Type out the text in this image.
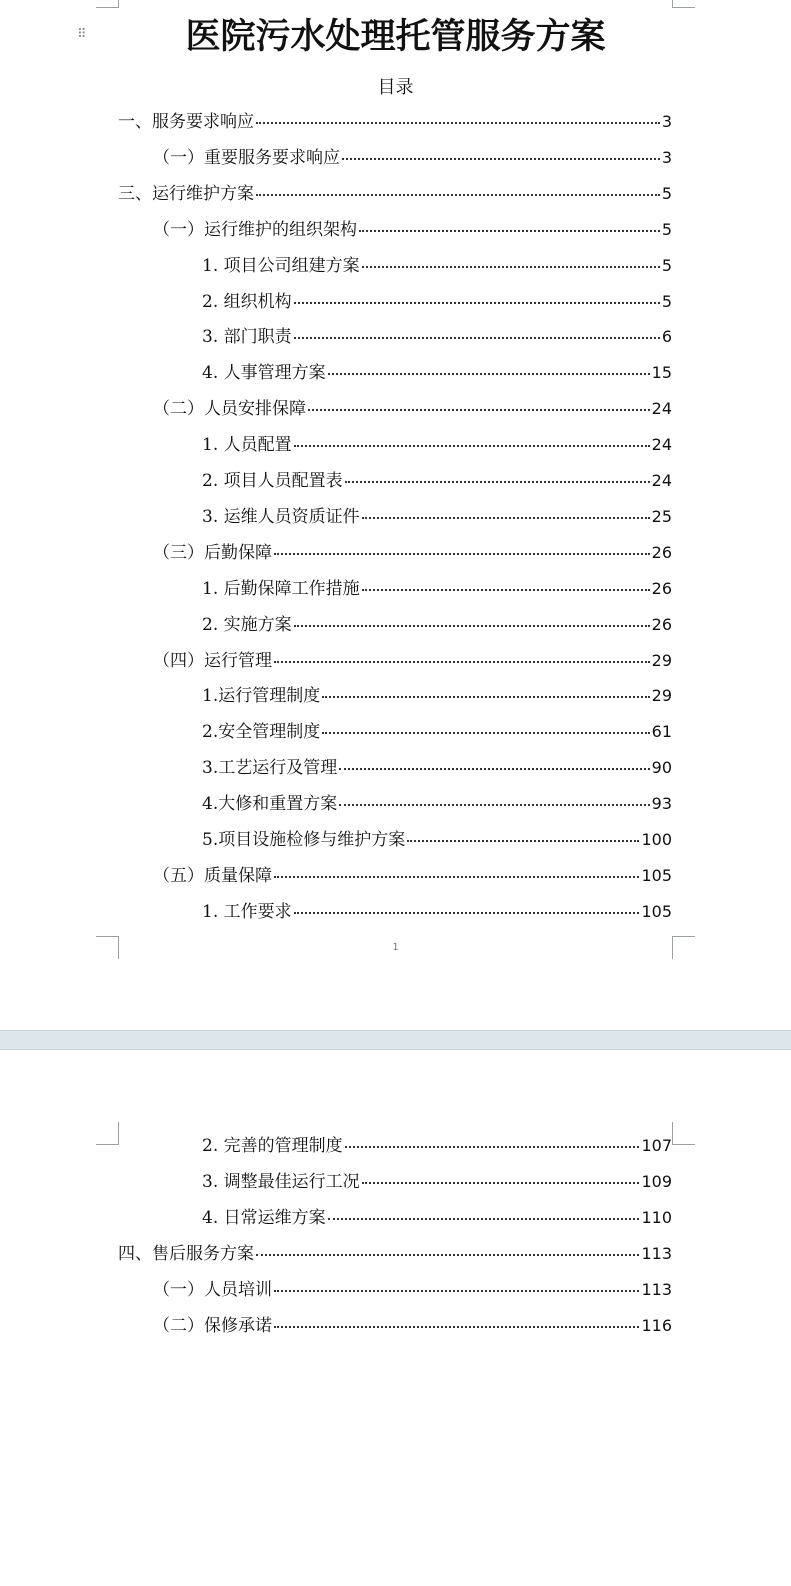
⠿	医院污水处理托管服务方案
目录
一、服务要求响应	3
（一）重要服务要求响应	3
三、运行维护方案	5
（一）运行维护的组织架构	5
1. 项目公司组建方案	5
2. 组织机构	5
3. 部门职责	6
4. 人事管理方案	15
（二）人员安排保障	24
1. 人员配置	24
2. 项目人员配置表	24
3. 运维人员资质证件	25
（三）后勤保障	26
1. 后勤保障工作措施	26
2. 实施方案	26
（四）运行管理	29
1.运行管理制度	29
2.安全管理制度	61
3.工艺运行及管理	90
4.大修和重置方案	93
5.项目设施检修与维护方案	100
（五）质量保障	105
1. 工作要求	105
1
2. 完善的管理制度	107
3. 调整最佳运行工况	109
4. 日常运维方案	110
四、售后服务方案	113
（一）人员培训	113
（二）保修承诺	116
